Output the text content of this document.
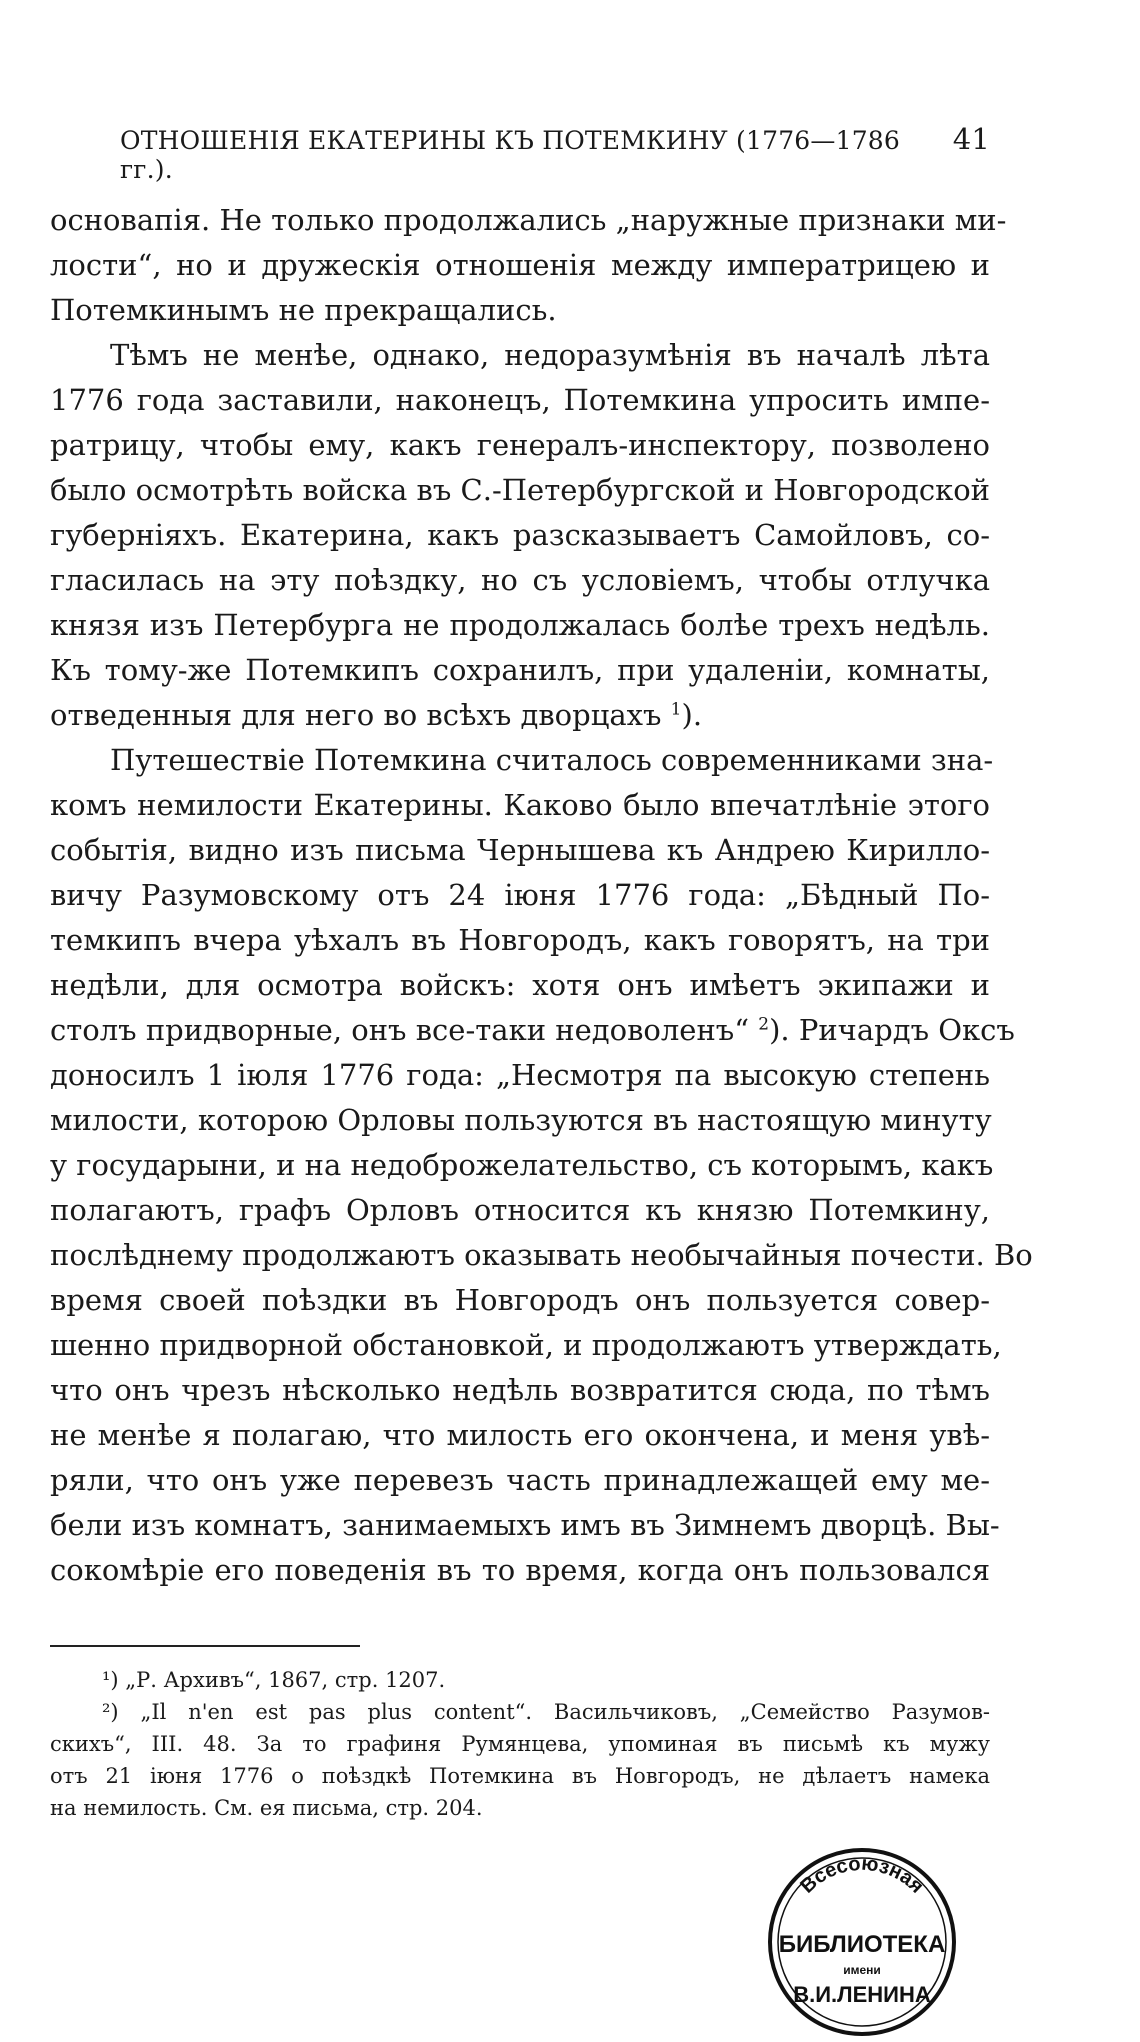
ОТНОШЕНІЯ ЕКАТЕРИНЫ КЪ ПОТЕМКИНУ (1776—1786 гг.).
41
основапія. Не только продолжались „наружные признаки ми-
лости“, но и дружескія отношенія между императрицею и
Потемкинымъ не прекращались.
Тѣмъ не менѣе, однако, недоразумѣнія въ началѣ лѣта
1776 года заставили, наконецъ, Потемкина упросить импе-
ратрицу, чтобы ему, какъ генералъ-инспектору, позволено
было осмотрѣть войска въ С.-Петербургской и Новгородской
губерніяхъ. Екатерина, какъ разсказываетъ Самойловъ, со-
гласилась на эту поѣздку, но съ условіемъ, чтобы отлучка
князя изъ Петербурга не продолжалась болѣе трехъ недѣль.
Къ тому-же Потемкипъ сохранилъ, при удаленіи, комнаты,
отведенныя для него во всѣхъ дворцахъ $^1$).
Путешествіе Потемкина считалось современниками зна-
комъ немилости Екатерины. Каково было впечатлѣніе этого
событія, видно изъ письма Чернышева къ Андрею Кирилло-
вичу Разумовскому отъ 24 іюня 1776 года: „Бѣдный По-
темкипъ вчера уѣхалъ въ Новгородъ, какъ говорятъ, на три
недѣли, для осмотра войскъ: хотя онъ имѣетъ экипажи и
столъ придворные, онъ все-таки недоволенъ“ $^2$). Ричардъ Оксъ
доносилъ 1 іюля 1776 года: „Несмотря па высокую степень
милости, которою Орловы пользуются въ настоящую минуту
у государыни, и на недоброжелательство, съ которымъ, какъ
полагаютъ, графъ Орловъ относится къ князю Потемкину,
послѣднему продолжаютъ оказывать необычайныя почести. Во
время своей поѣздки въ Новгородъ онъ пользуется совер-
шенно придворной обстановкой, и продолжаютъ утверждать,
что онъ чрезъ нѣсколько недѣль возвратится сюда, по тѣмъ
не менѣе я полагаю, что милость его окончена, и меня увѣ-
ряли, что онъ уже перевезъ часть принадлежащей ему ме-
бели изъ комнатъ, занимаемыхъ имъ въ Зимнемъ дворцѣ. Вы-
сокомѣріе его поведенія въ то время, когда онъ пользовался
¹) „Р. Архивъ“, 1867, стр. 1207.
²) „Il n'en est pas plus content“. Васильчиковъ, „Семейство Разумов-
скихъ“, III. 48. За то графиня Румянцева, упоминая въ письмѣ къ мужу
отъ 21 іюня 1776 о поѣздкѣ Потемкина въ Новгородъ, не дѣлаетъ намека
на немилость. См. ея письма, стр. 204.
Всесоюзная
БИБЛИОТЕКА
имени
В.И.ЛЕНИНА
